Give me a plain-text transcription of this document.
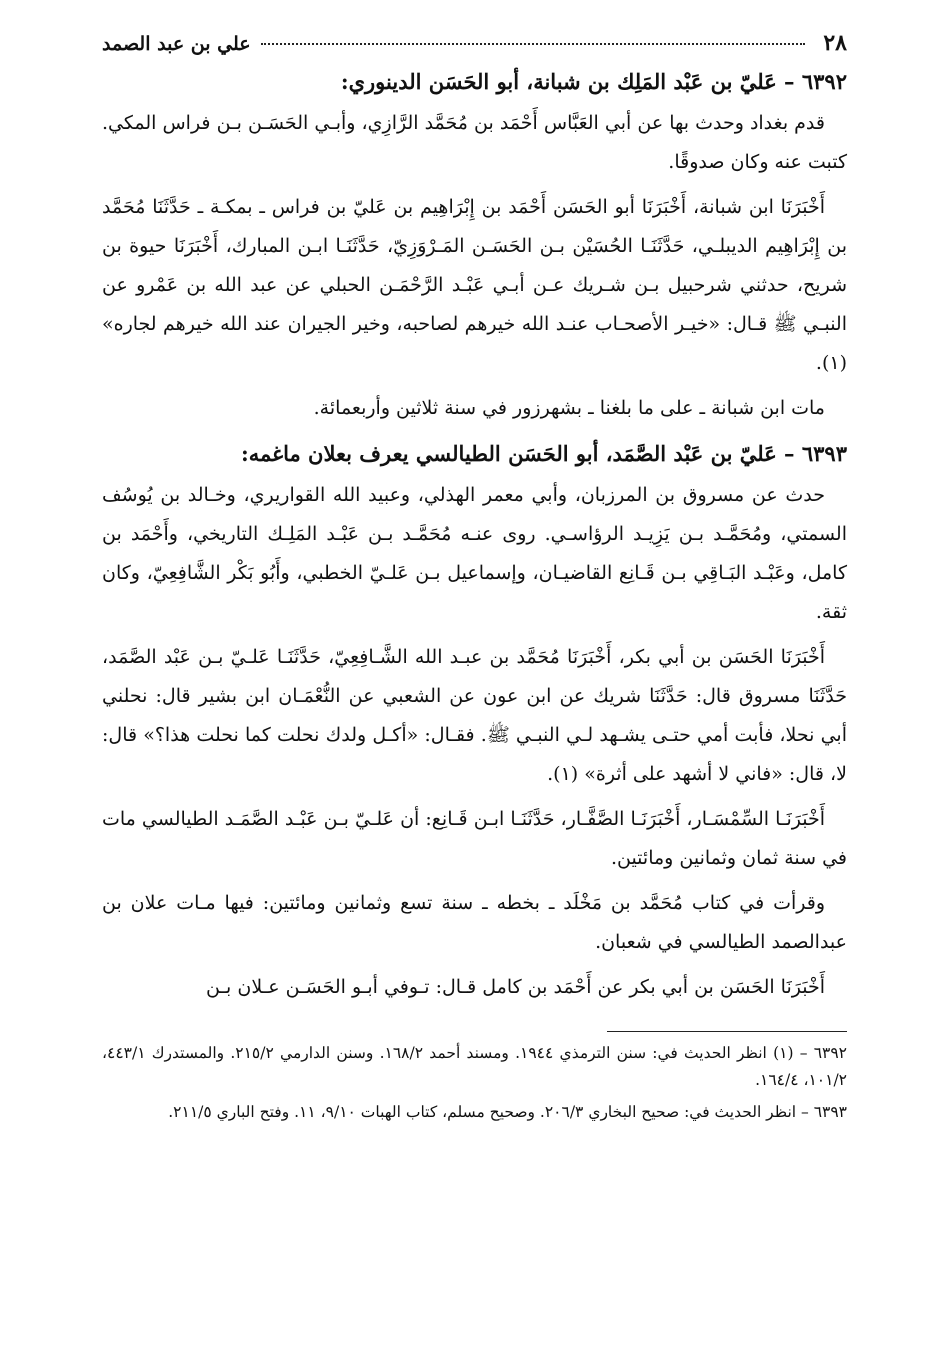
٢٨
علي بن عبد الصمد
٦٣٩٢ – عَليّ بن عَبْد المَلِك بن شبانة، أبو الحَسَن الدينوري:

قدم بغداد وحدث بها عن أبي العَبَّاس أَحْمَد بن مُحَمَّد الرَّازِي، وأبـي الحَسَـن بـن فراس المكي. كتبت عنه وكان صدوقًا.

أَخْبَرَنَا ابن شبانة، أَخْبَرَنَا أبو الحَسَن أَحْمَد بن إِبْرَاهِيم بن عَليّ بن فراس ـ بمكـة ـ حَدَّثَنَا مُحَمَّد بن إِبْرَاهِيم الديبلـي، حَدَّثَنَـا الحُسَيْن بـن الحَسَـن المَـرْوَزِيّ، حَدَّثَنَـا ابـن المبارك، أَخْبَرَنَا حيوة بن شريح، حدثني شرحبيل بـن شـريك عـن أبـي عَبْـد الرَّحْمَـن الحبلي عن عبد الله بن عَمْرو عن النبـي ﷺ قـال: «خيـر الأصحـاب عنـد الله خيرهم لصاحبه، وخير الجيران عند الله خيرهم لجاره» (١).

مات ابن شبانة ـ على ما بلغنا ـ بشهرزور في سنة ثلاثين وأربعمائة.

٦٣٩٣ – عَليّ بن عَبْد الصَّمَد، أبو الحَسَن الطيالسي يعرف بعلان ماغمه:

حدث عن مسروق بن المرزبان، وأبي معمر الهذلي، وعبيد الله القواريري، وخـالد بن يُوسُف السمتي، ومُحَمَّـد بـن يَزِيـد الرؤاسـي. روى عنـه مُحَمَّـد بـن عَبْـد المَلِـك التاريخي، وأَحْمَد بن كامل، وعَبْـد البَـاقِي بـن قَـانِع القاضيـان، وإسماعيل بـن عَلـيّ الخطبي، وأَبُو بَكْر الشَّافِعِيّ، وكان ثقة.

أَخْبَرَنَا الحَسَن بن أبي بكر، أَخْبَرَنَا مُحَمَّد بن عبـد الله الشَّـافِعِيّ، حَدَّثَنَـا عَلـيّ بـن عَبْد الصَّمَد، حَدَّثَنَا مسروق قال: حَدَّثَنَا شريك عن ابن عون عن الشعبي عن النُّعْمَـان ابن بشير قال: نحلني أبي نحلا، فأبت أمي حتـى يشـهد لـي النبـي ﷺ. فقـال: «أكـل ولدك نحلت كما نحلت هذا؟» قال: لا، قال: «فاني لا أشهد على أثرة» (١).

أَخْبَرَنَـا السِّمْسَـار، أَخْبَرَنَـا الصَّفَّـار، حَدَّثَنَـا ابـن قَـانِع: أن عَلـيّ بـن عَبْـد الصَّمَـد الطيالسي مات في سنة ثمان وثمانين ومائتين.

وقرأت في كتاب مُحَمَّد بن مَخْلَد ـ بخطه ـ سنة تسع وثمانين ومائتين: فيها مـات علان بن عبدالصمد الطيالسي في شعبان.

أَخْبَرَنَا الحَسَن بن أبي بكر عن أَحْمَد بن كامل قـال: تـوفي أبـو الحَسَـن عـلان بـن

٦٣٩٢ – (١) انظر الحديث في: سنن الترمذي ١٩٤٤. ومسند أحمد ١٦٨/٢. وسنن الدارمي ٢١٥/٢. والمستدرك ٤٤٣/١، ١٠١/٢، ١٦٤/٤.

٦٣٩٣ – انظر الحديث في: صحيح البخاري ٢٠٦/٣. وصحيح مسلم، كتاب الهبات ٩/١٠، ١١. وفتح الباري ٢١١/٥.
